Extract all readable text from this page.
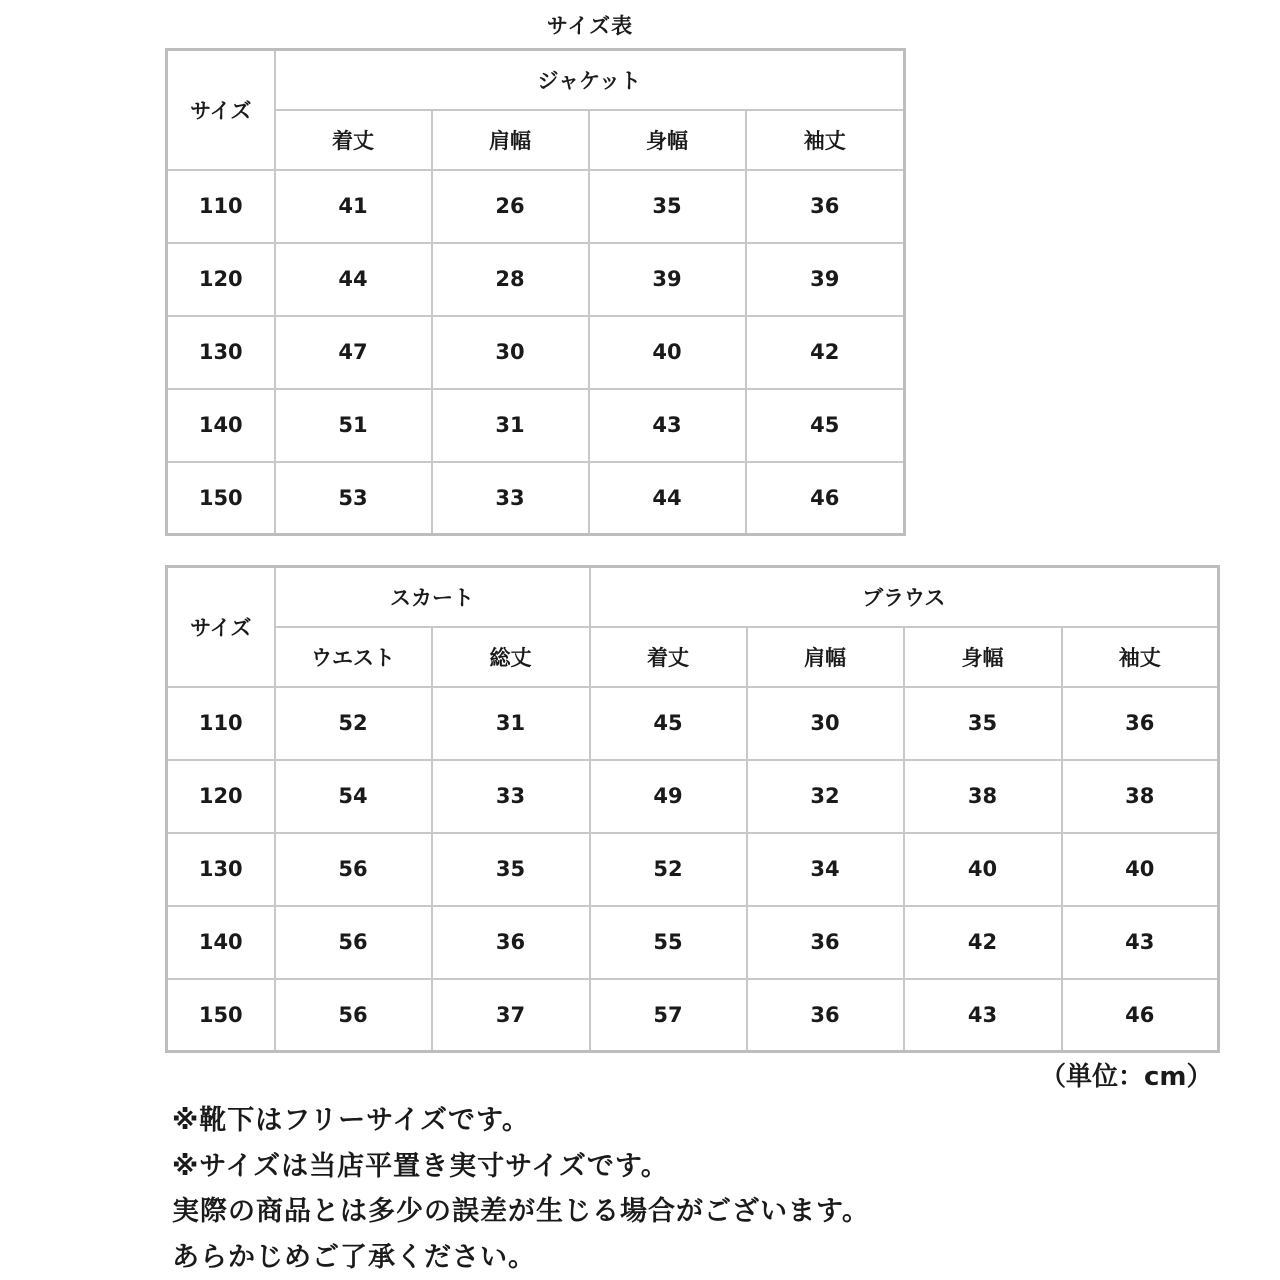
サイズ表
サイズ	ジャケット			
	着丈	肩幅	身幅	袖丈
110	41	26	35	36
120	44	28	39	39
130	47	30	40	42
140	51	31	43	45
150	53	33	44	46
サイズ	スカート		ブラウス			
	ウエスト	総丈	着丈	肩幅	身幅	袖丈
110	52	31	45	30	35	36
120	54	33	49	32	38	38
130	56	35	52	34	40	40
140	56	36	55	36	42	43
150	56	37	57	36	43	46
（単位：cm）
※靴下はフリーサイズです。
※サイズは当店平置き実寸サイズです。
実際の商品とは多少の誤差が生じる場合がございます。
あらかじめご了承ください。
